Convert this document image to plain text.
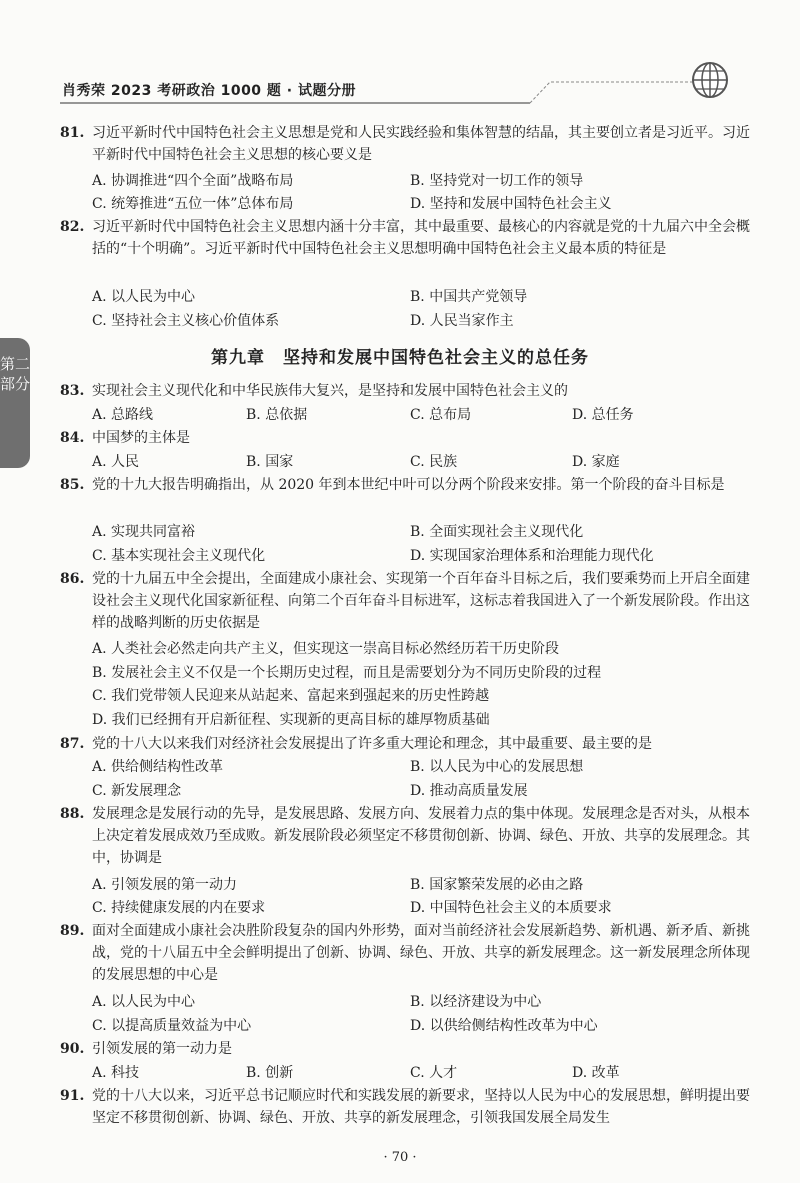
肖秀荣 2023 考研政治 1000 题 · 试题分册
第二部分
81. 习近平新时代中国特色社会主义思想是党和人民实践经验和集体智慧的结晶，其主要创立者是习近平。习近平新时代中国特色社会主义思想的核心要义是
A. 协调推进“四个全面”战略布局	B. 坚持党对一切工作的领导
C. 统筹推进“五位一体”总体布局	D. 坚持和发展中国特色社会主义
82. 习近平新时代中国特色社会主义思想内涵十分丰富，其中最重要、最核心的内容就是党的十九届六中全会概括的“十个明确”。习近平新时代中国特色社会主义思想明确中国特色社会主义最本质的特征是
A. 以人民为中心	B. 中国共产党领导
C. 坚持社会主义核心价值体系	D. 人民当家作主
第九章　坚持和发展中国特色社会主义的总任务
83. 实现社会主义现代化和中华民族伟大复兴，是坚持和发展中国特色社会主义的
A. 总路线	B. 总依据	C. 总布局	D. 总任务
84. 中国梦的主体是
A. 人民	B. 国家	C. 民族	D. 家庭
85. 党的十九大报告明确指出，从 2020 年到本世纪中叶可以分两个阶段来安排。第一个阶段的奋斗目标是
A. 实现共同富裕	B. 全面实现社会主义现代化
C. 基本实现社会主义现代化	D. 实现国家治理体系和治理能力现代化
86. 党的十九届五中全会提出，全面建成小康社会、实现第一个百年奋斗目标之后，我们要乘势而上开启全面建设社会主义现代化国家新征程、向第二个百年奋斗目标进军，这标志着我国进入了一个新发展阶段。作出这样的战略判断的历史依据是
A. 人类社会必然走向共产主义，但实现这一崇高目标必然经历若干历史阶段
B. 发展社会主义不仅是一个长期历史过程，而且是需要划分为不同历史阶段的过程
C. 我们党带领人民迎来从站起来、富起来到强起来的历史性跨越
D. 我们已经拥有开启新征程、实现新的更高目标的雄厚物质基础
87. 党的十八大以来我们对经济社会发展提出了许多重大理论和理念，其中最重要、最主要的是
A. 供给侧结构性改革	B. 以人民为中心的发展思想
C. 新发展理念	D. 推动高质量发展
88. 发展理念是发展行动的先导，是发展思路、发展方向、发展着力点的集中体现。发展理念是否对头，从根本上决定着发展成效乃至成败。新发展阶段必须坚定不移贯彻创新、协调、绿色、开放、共享的发展理念。其中，协调是
A. 引领发展的第一动力	B. 国家繁荣发展的必由之路
C. 持续健康发展的内在要求	D. 中国特色社会主义的本质要求
89. 面对全面建成小康社会决胜阶段复杂的国内外形势，面对当前经济社会发展新趋势、新机遇、新矛盾、新挑战，党的十八届五中全会鲜明提出了创新、协调、绿色、开放、共享的新发展理念。这一新发展理念所体现的发展思想的中心是
A. 以人民为中心	B. 以经济建设为中心
C. 以提高质量效益为中心	D. 以供给侧结构性改革为中心
90. 引领发展的第一动力是
A. 科技	B. 创新	C. 人才	D. 改革
91. 党的十八大以来，习近平总书记顺应时代和实践发展的新要求，坚持以人民为中心的发展思想，鲜明提出要坚定不移贯彻创新、协调、绿色、开放、共享的新发展理念，引领我国发展全局发生
· 70 ·
